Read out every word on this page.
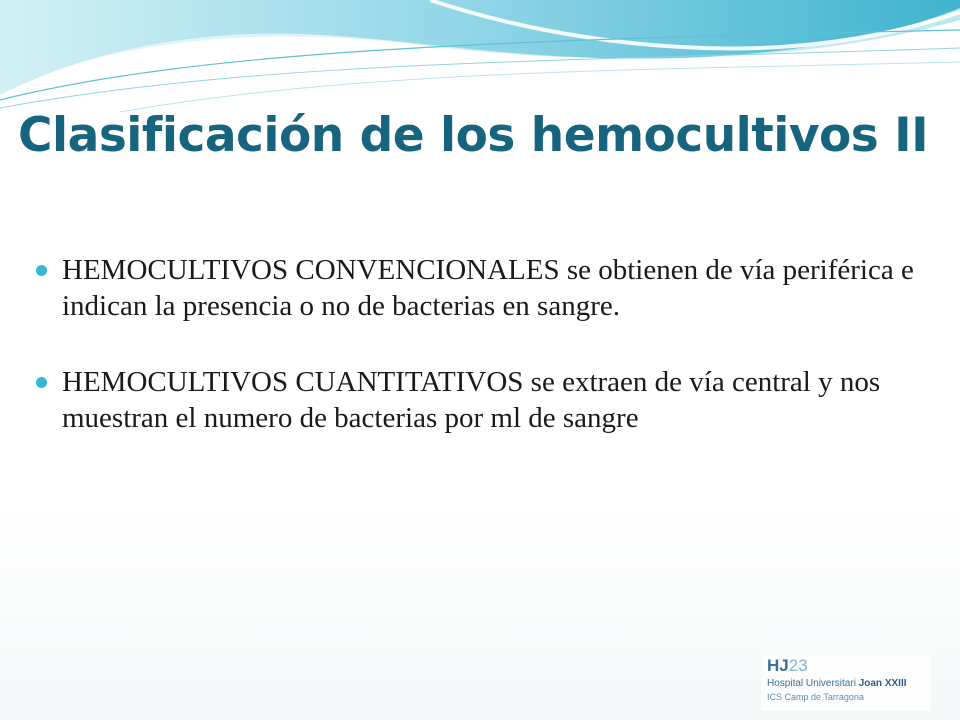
Clasificación de los hemocultivos II
HEMOCULTIVOS CONVENCIONALES se obtienen de vía periférica e indican la presencia o no de bacterias en sangre.
HEMOCULTIVOS CUANTITATIVOS se extraen de vía central y nos muestran el numero de bacterias por ml de sangre
HJ23
Hospital Universitari Joan XXIII
ICS Camp de Tarragona
